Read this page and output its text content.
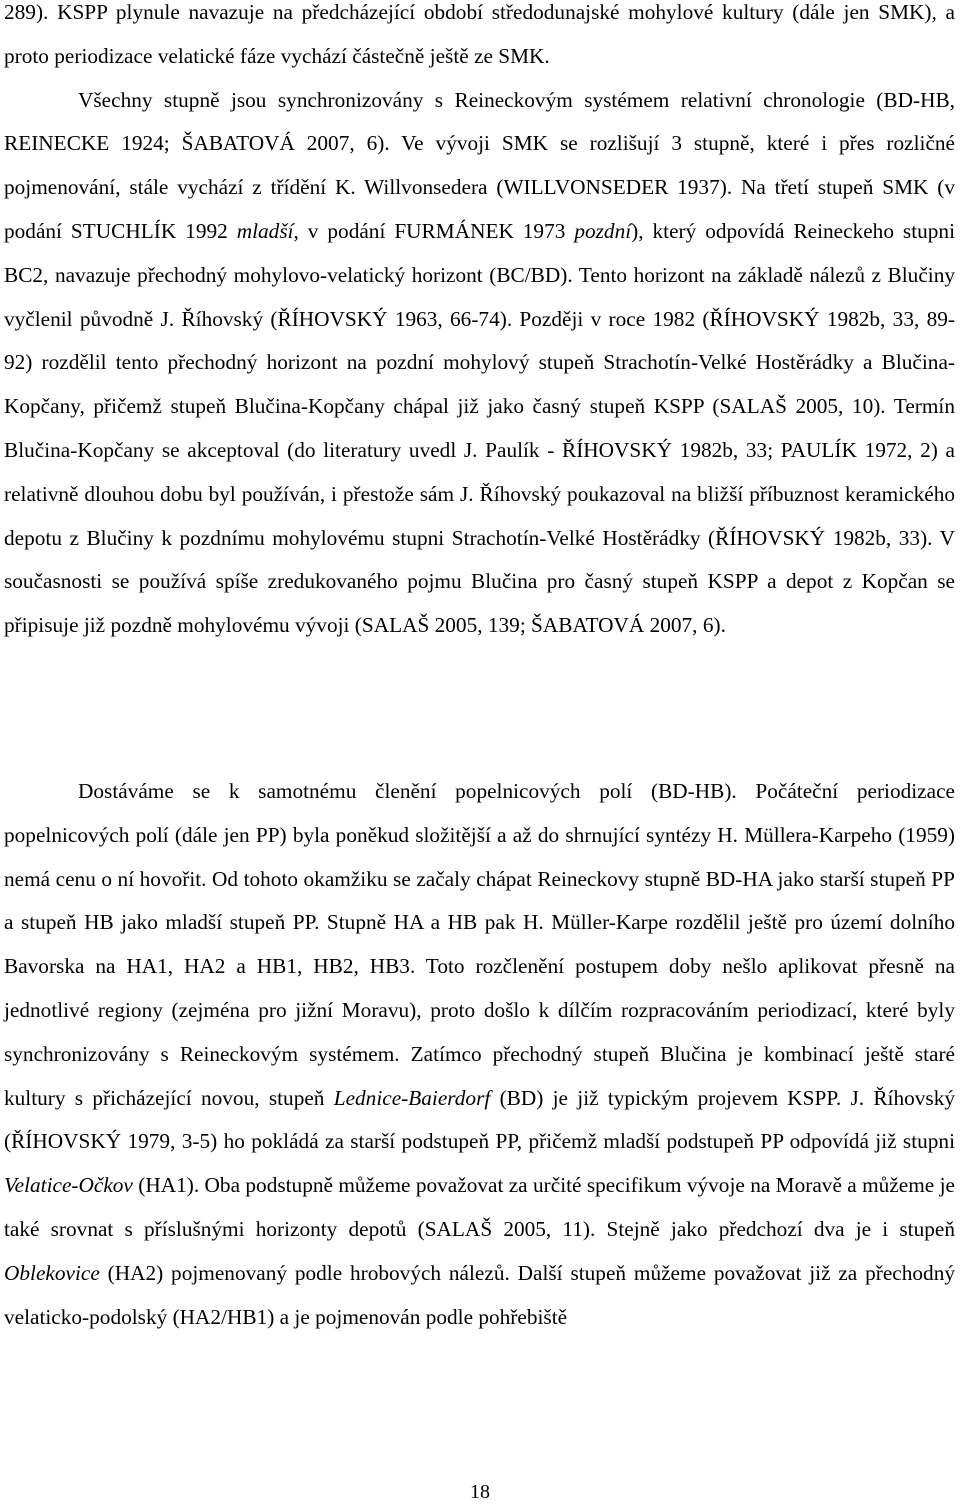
289). KSPP plynule navazuje na předcházející období středodunajské mohylové kultury (dále jen SMK), a proto periodizace velatické fáze vychází částečně ještě ze SMK.
Všechny stupně jsou synchronizovány s Reineckovým systémem relativní chronologie (BD-HB, REINECKE 1924; ŠABATOVÁ 2007, 6). Ve vývoji SMK se rozlišují 3 stupně, které i přes rozličné pojmenování, stále vychází z třídění K. Willvonsedera (WILLVONSEDER 1937). Na třetí stupeň SMK (v podání STUCHLÍK 1992 mladší, v podání FURMÁNEK 1973 pozdní), který odpovídá Reineckeho stupni BC2, navazuje přechodný mohylovo-velatický horizont (BC/BD). Tento horizont na základě nálezů z Blučiny vyčlenil původně J. Říhovský (ŘÍHOVSKÝ 1963, 66-74). Později v roce 1982 (ŘÍHOVSKÝ 1982b, 33, 89-92) rozdělil tento přechodný horizont na pozdní mohylový stupeň Strachotín-Velké Hostěrádky a Blučina-Kopčany, přičemž stupeň Blučina-Kopčany chápal již jako časný stupeň KSPP (SALAŠ 2005, 10). Termín Blučina-Kopčany se akceptoval (do literatury uvedl J. Paulík - ŘÍHOVSKÝ 1982b, 33; PAULÍK 1972, 2) a relativně dlouhou dobu byl používán, i přestože sám J. Říhovský poukazoval na bližší příbuznost keramického depotu z Blučiny k pozdnímu mohylovému stupni Strachotín-Velké Hostěrádky (ŘÍHOVSKÝ 1982b, 33). V současnosti se používá spíše zredukovaného pojmu Blučina pro časný stupeň KSPP a depot z Kopčan se připisuje již pozdně mohylovému vývoji (SALAŠ 2005, 139; ŠABATOVÁ 2007, 6).

Dostáváme se k samotnému členění popelnicových polí (BD-HB). Počáteční periodizace popelnicových polí (dále jen PP) byla poněkud složitější a až do shrnující syntézy H. Müllera-Karpeho (1959) nemá cenu o ní hovořit. Od tohoto okamžiku se začaly chápat Reineckovy stupně BD-HA jako starší stupeň PP a stupeň HB jako mladší stupeň PP. Stupně HA a HB pak H. Müller-Karpe rozdělil ještě pro území dolního Bavorska na HA1, HA2 a HB1, HB2, HB3. Toto rozčlenění postupem doby nešlo aplikovat přesně na jednotlivé regiony (zejména pro jižní Moravu), proto došlo k dílčím rozpracováním periodizací, které byly synchronizovány s Reineckovým systémem. Zatímco přechodný stupeň Blučina je kombinací ještě staré kultury s přicházející novou, stupeň Lednice-Baierdorf (BD) je již typickým projevem KSPP. J. Říhovský (ŘÍHOVSKÝ 1979, 3-5) ho pokládá za starší podstupeň PP, přičemž mladší podstupeň PP odpovídá již stupni Velatice-Očkov (HA1). Oba podstupně můžeme považovat za určité specifikum vývoje na Moravě a můžeme je také srovnat s příslušnými horizonty depotů (SALAŠ 2005, 11). Stejně jako předchozí dva je i stupeň Oblekovice (HA2) pojmenovaný podle hrobových nálezů. Další stupeň můžeme považovat již za přechodný velaticko-podolský (HA2/HB1) a je pojmenován podle pohřebiště

18
